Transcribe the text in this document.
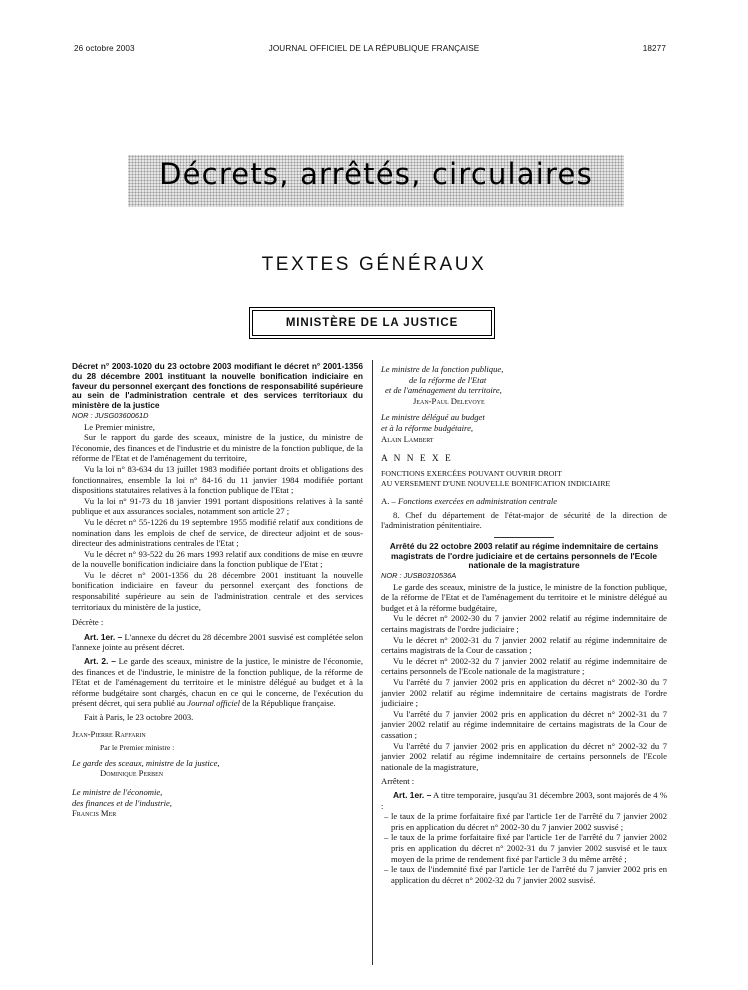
26 octobre 2003	JOURNAL OFFICIEL DE LA RÉPUBLIQUE FRANÇAISE	18277
Décrets, arrêtés, circulaires
TEXTES GÉNÉRAUX
MINISTÈRE DE LA JUSTICE

Décret n° 2003-1020 du 23 octobre 2003 modifiant le décret n° 2001-1356 du 28 décembre 2001 instituant la nouvelle bonification indiciaire en faveur du personnel exerçant des fonctions de responsabilité supérieure au sein de l'administration centrale et des services territoriaux du ministère de la justice

NOR : JUSG0360061D

Le Premier ministre,

Sur le rapport du garde des sceaux, ministre de la justice, du ministre de l'économie, des finances et de l'industrie et du ministre de la fonction publique, de la réforme de l'Etat et de l'aménagement du territoire,

Vu la loi n° 83-634 du 13 juillet 1983 modifiée portant droits et obligations des fonctionnaires, ensemble la loi n° 84-16 du 11 janvier 1984 modifiée portant dispositions statutaires relatives à la fonction publique de l'Etat ;

Vu la loi n° 91-73 du 18 janvier 1991 portant dispositions relatives à la santé publique et aux assurances sociales, notamment son article 27 ;

Vu le décret n° 55-1226 du 19 septembre 1955 modifié relatif aux conditions de nomination dans les emplois de chef de service, de directeur adjoint et de sous-directeur des administrations centrales de l'Etat ;

Vu le décret n° 93-522 du 26 mars 1993 relatif aux conditions de mise en œuvre de la nouvelle bonification indiciaire dans la fonction publique de l'Etat ;

Vu le décret n° 2001-1356 du 28 décembre 2001 instituant la nouvelle bonification indiciaire en faveur du personnel exerçant des fonctions de responsabilité supérieure au sein de l'administration centrale et des services territoriaux du ministère de la justice,

Décrète :

Art. 1er. – L'annexe du décret du 28 décembre 2001 susvisé est complétée selon l'annexe jointe au présent décret.

Art. 2. – Le garde des sceaux, ministre de la justice, le ministre de l'économie, des finances et de l'industrie, le ministre de la fonction publique, de la réforme de l'Etat et de l'aménagement du territoire et le ministre délégué au budget et à la réforme budgétaire sont chargés, chacun en ce qui le concerne, de l'exécution du présent décret, qui sera publié au Journal officiel de la République française.

Fait à Paris, le 23 octobre 2003.

Jean-Pierre Raffarin

Par le Premier ministre :

Le garde des sceaux, ministre de la justice,

Dominique Perben

Le ministre de l'économie,

des finances et de l'industrie,

Francis Mer

Le ministre de la fonction publique,

de la réforme de l'Etat

et de l'aménagement du territoire,

Jean-Paul Delevoye

Le ministre délégué au budget

et à la réforme budgétaire,

Alain Lambert

A N N E X E

FONCTIONS EXERCÉES POUVANT OUVRIR DROIT

AU VERSEMENT D'UNE NOUVELLE BONIFICATION INDICIAIRE

A. – Fonctions exercées en administration centrale

8. Chef du département de l'état-major de sécurité de la direction de l'administration pénitentiaire.

Arrêté du 22 octobre 2003 relatif au régime indemnitaire de certains magistrats de l'ordre judiciaire et de certains personnels de l'Ecole nationale de la magistrature

NOR : JUSB0310536A

Le garde des sceaux, ministre de la justice, le ministre de la fonction publique, de la réforme de l'Etat et de l'aménagement du territoire et le ministre délégué au budget et à la réforme budgétaire,

Vu le décret n° 2002-30 du 7 janvier 2002 relatif au régime indemnitaire de certains magistrats de l'ordre judiciaire ;

Vu le décret n° 2002-31 du 7 janvier 2002 relatif au régime indemnitaire de certains magistrats de la Cour de cassation ;

Vu le décret n° 2002-32 du 7 janvier 2002 relatif au régime indemnitaire de certains personnels de l'Ecole nationale de la magistrature ;

Vu l'arrêté du 7 janvier 2002 pris en application du décret n° 2002-30 du 7 janvier 2002 relatif au régime indemnitaire de certains magistrats de l'ordre judiciaire ;

Vu l'arrêté du 7 janvier 2002 pris en application du décret n° 2002-31 du 7 janvier 2002 relatif au régime indemnitaire de certains magistrats de la Cour de cassation ;

Vu l'arrêté du 7 janvier 2002 pris en application du décret n° 2002-32 du 7 janvier 2002 relatif au régime indemnitaire de certains personnels de l'Ecole nationale de la magistrature,

Arrêtent :

Art. 1er. – A titre temporaire, jusqu'au 31 décembre 2003, sont majorés de 4 % :

– le taux de la prime forfaitaire fixé par l'article 1er de l'arrêté du 7 janvier 2002 pris en application du décret n° 2002-30 du 7 janvier 2002 susvisé ;

– le taux de la prime forfaitaire fixé par l'article 1er de l'arrêté du 7 janvier 2002 pris en application du décret n° 2002-31 du 7 janvier 2002 susvisé et le taux moyen de la prime de rendement fixé par l'article 3 du même arrêté ;

– le taux de l'indemnité fixé par l'article 1er de l'arrêté du 7 janvier 2002 pris en application du décret n° 2002-32 du 7 janvier 2002 susvisé.
